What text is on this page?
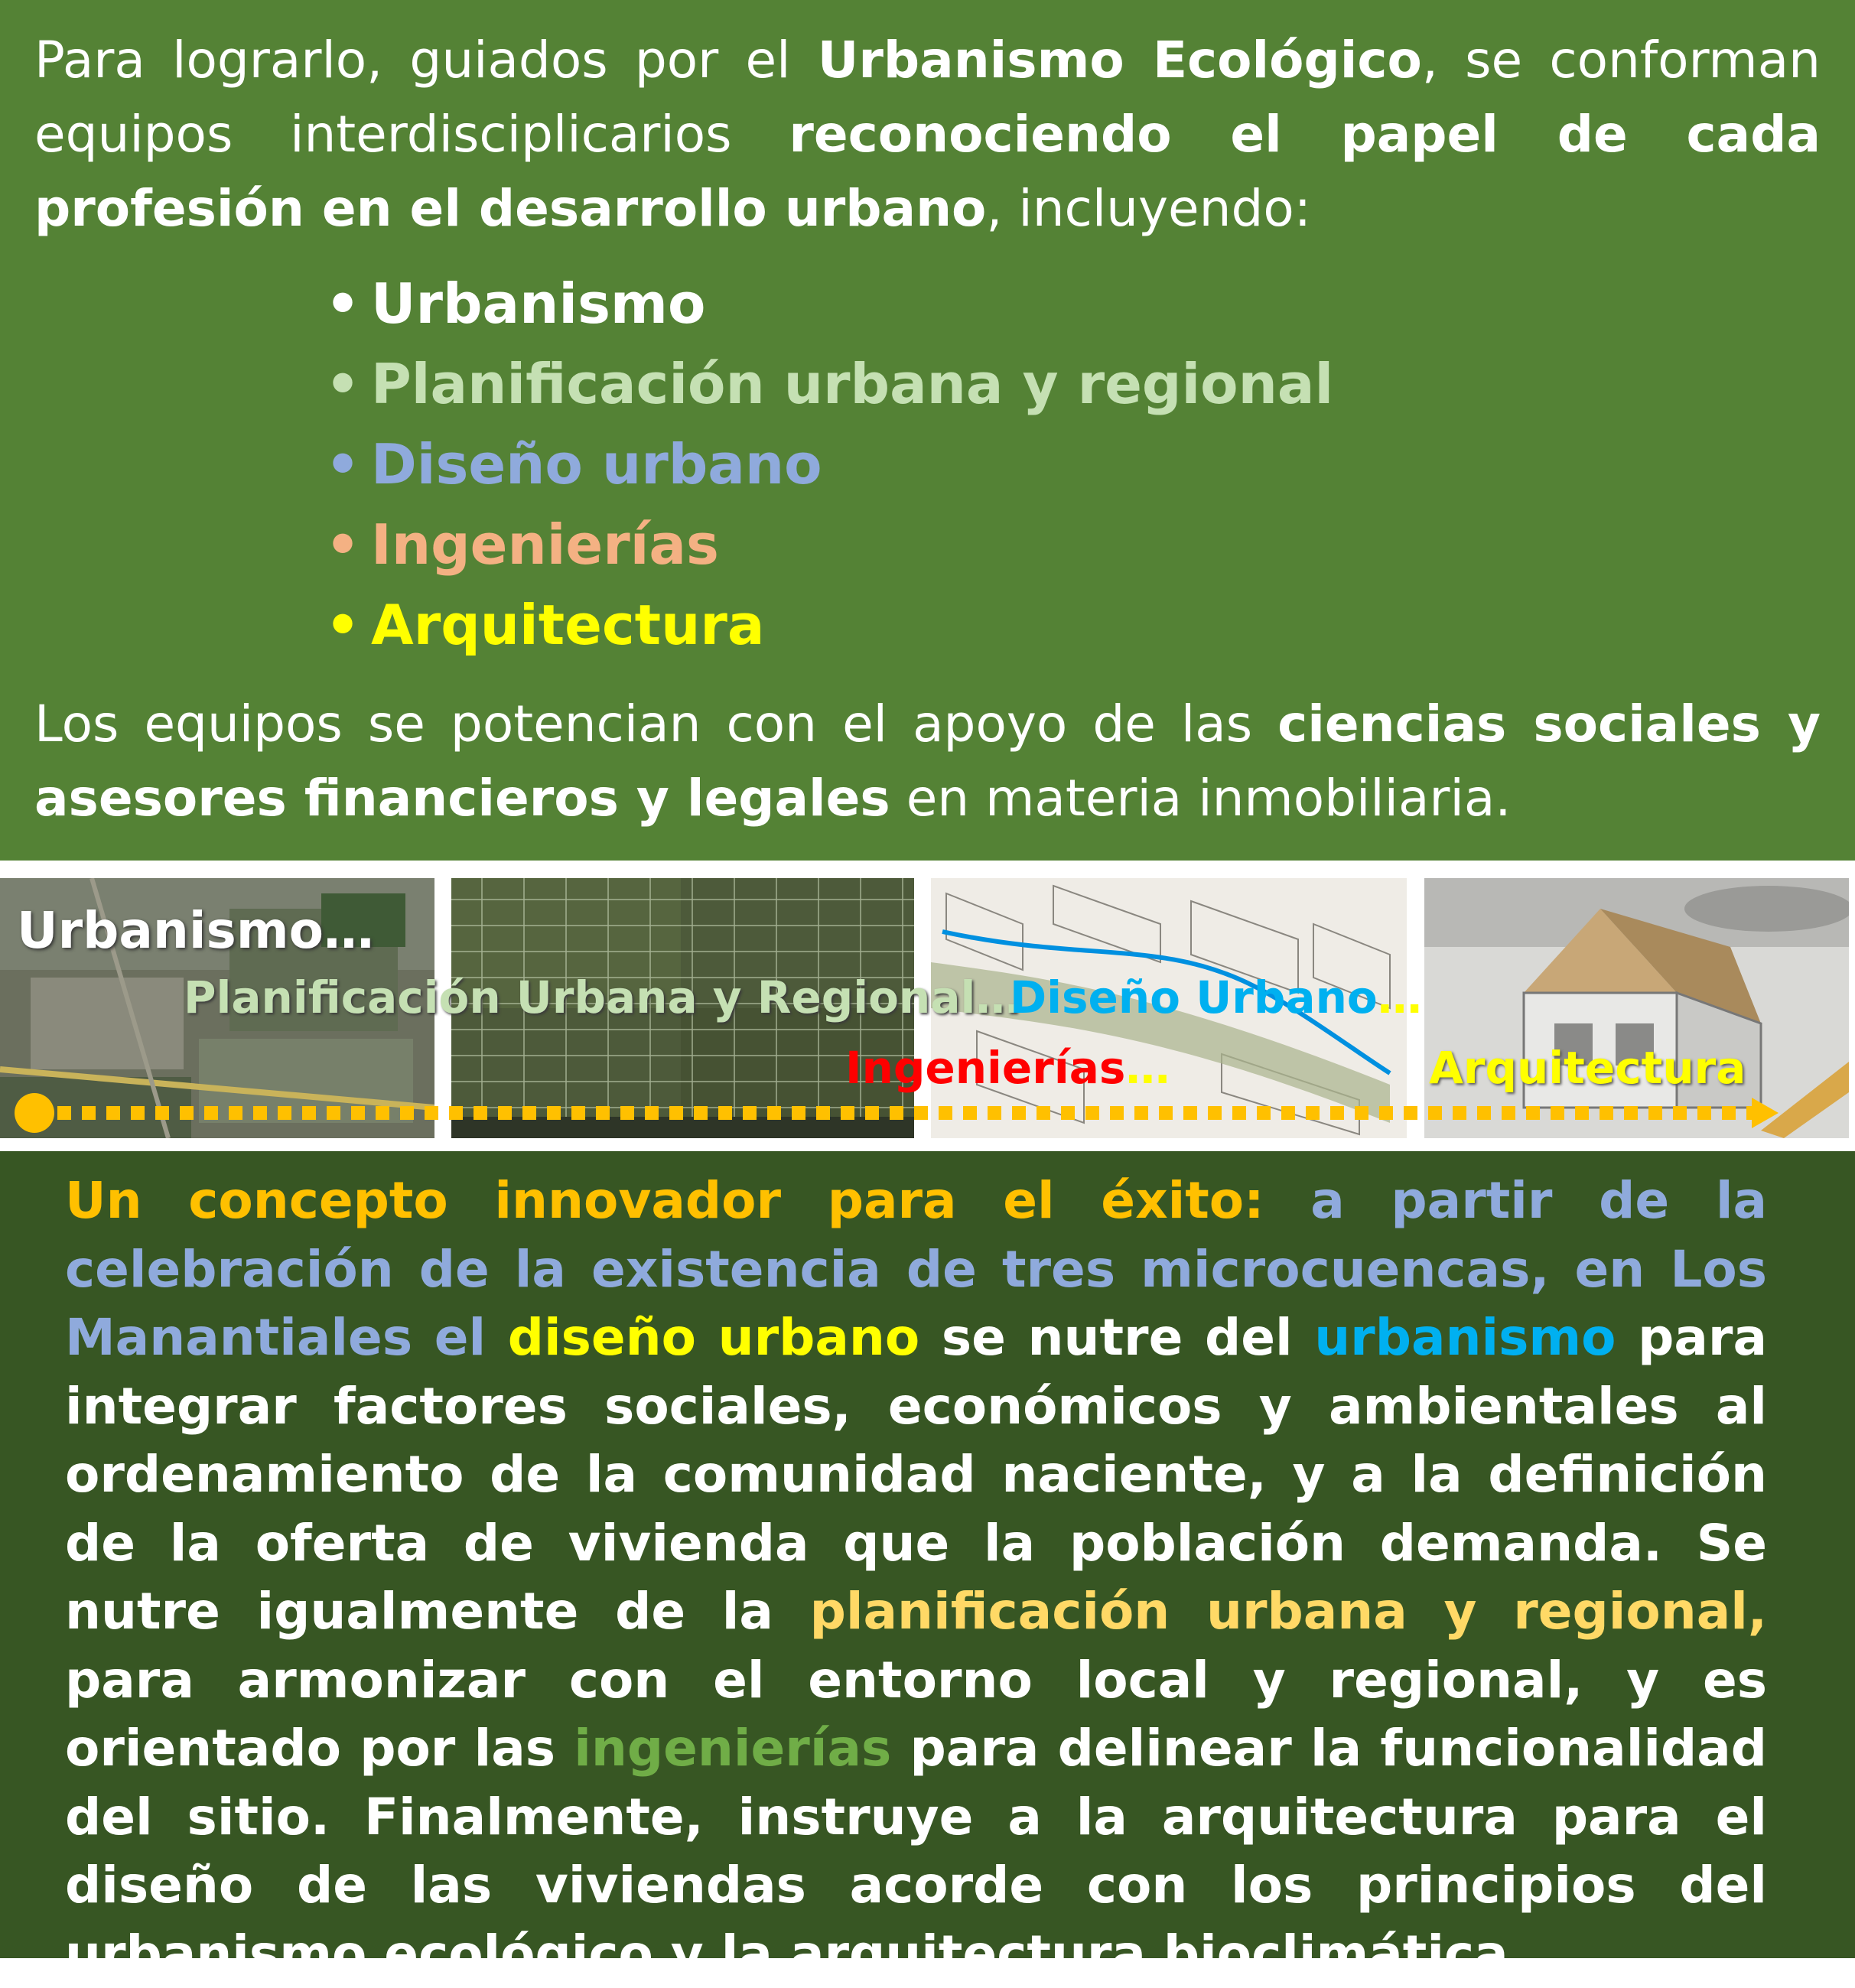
Para lograrlo, guiados por el Urbanismo Ecológico, se conforman equipos interdisciplicarios reconociendo el papel de cada profesión en el desarrollo urbano, incluyendo:

• Urbanismo
• Planificación urbana y regional
• Diseño urbano
• Ingenierías
• Arquitectura

Los equipos se potencian con el apoyo de las ciencias sociales y asesores financieros y legales en materia inmobiliaria.

Urbanismo…
Planificación Urbana y Regional…
Diseño Urbano…
Ingenierías…	Arquitectura

Un concepto innovador para el éxito: a partir de la celebración de la existencia de tres microcuencas, en Los Manantiales el diseño urbano se nutre del urbanismo para integrar factores sociales, económicos y ambientales al ordenamiento de la comunidad naciente, y a la definición de la oferta de vivienda que la población demanda. Se nutre igualmente de la planificación urbana y regional, para armonizar con el entorno local y regional, y es orientado por las ingenierías para delinear la funcionalidad del sitio. Finalmente, instruye a la arquitectura para el diseño de las viviendas acorde con los principios del urbanismo ecológico y la arquitectura bioclimática.
